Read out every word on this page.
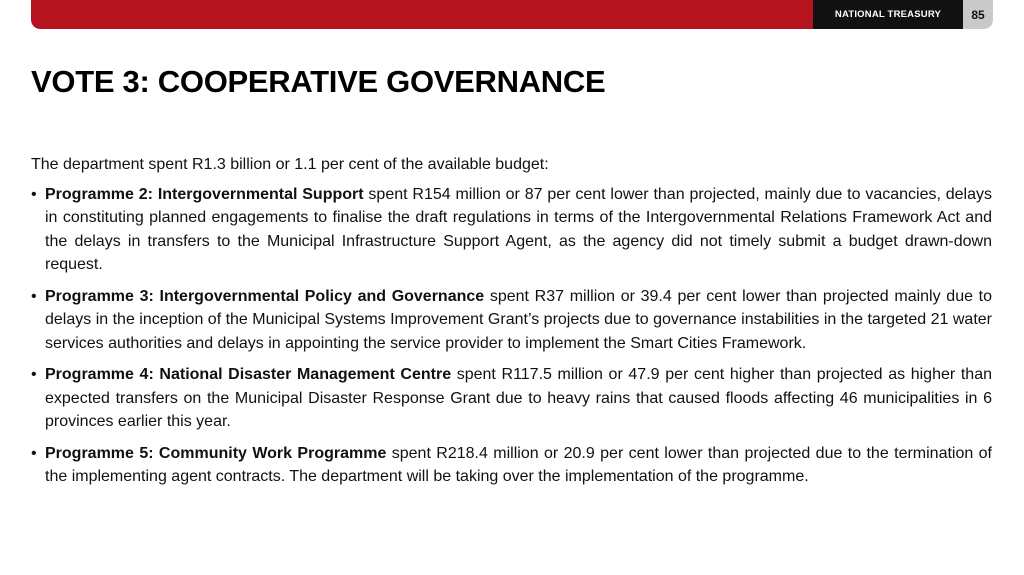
NATIONAL TREASURY	85
VOTE 3: COOPERATIVE GOVERNANCE

The department spent R1.3 billion or 1.1 per cent of the available budget:

• Programme 2: Intergovernmental Support spent R154 million or 87 per cent lower than projected, mainly due to vacancies, delays in constituting planned engagements to finalise the draft regulations in terms of the Intergovernmental Relations Framework Act and the delays in transfers to the Municipal Infrastructure Support Agent, as the agency did not timely submit a budget drawn-down request.
• Programme 3: Intergovernmental Policy and Governance spent R37 million or 39.4 per cent lower than projected mainly due to delays in the inception of the Municipal Systems Improvement Grant’s projects due to governance instabilities in the targeted 21 water services authorities and delays in appointing the service provider to implement the Smart Cities Framework.
• Programme 4: National Disaster Management Centre spent R117.5 million or 47.9 per cent higher than projected as higher than expected transfers on the Municipal Disaster Response Grant due to heavy rains that caused floods affecting 46 municipalities in 6 provinces earlier this year.
• Programme 5: Community Work Programme spent R218.4 million or 20.9 per cent lower than projected due to the termination of the implementing agent contracts. The department will be taking over the implementation of the programme.
